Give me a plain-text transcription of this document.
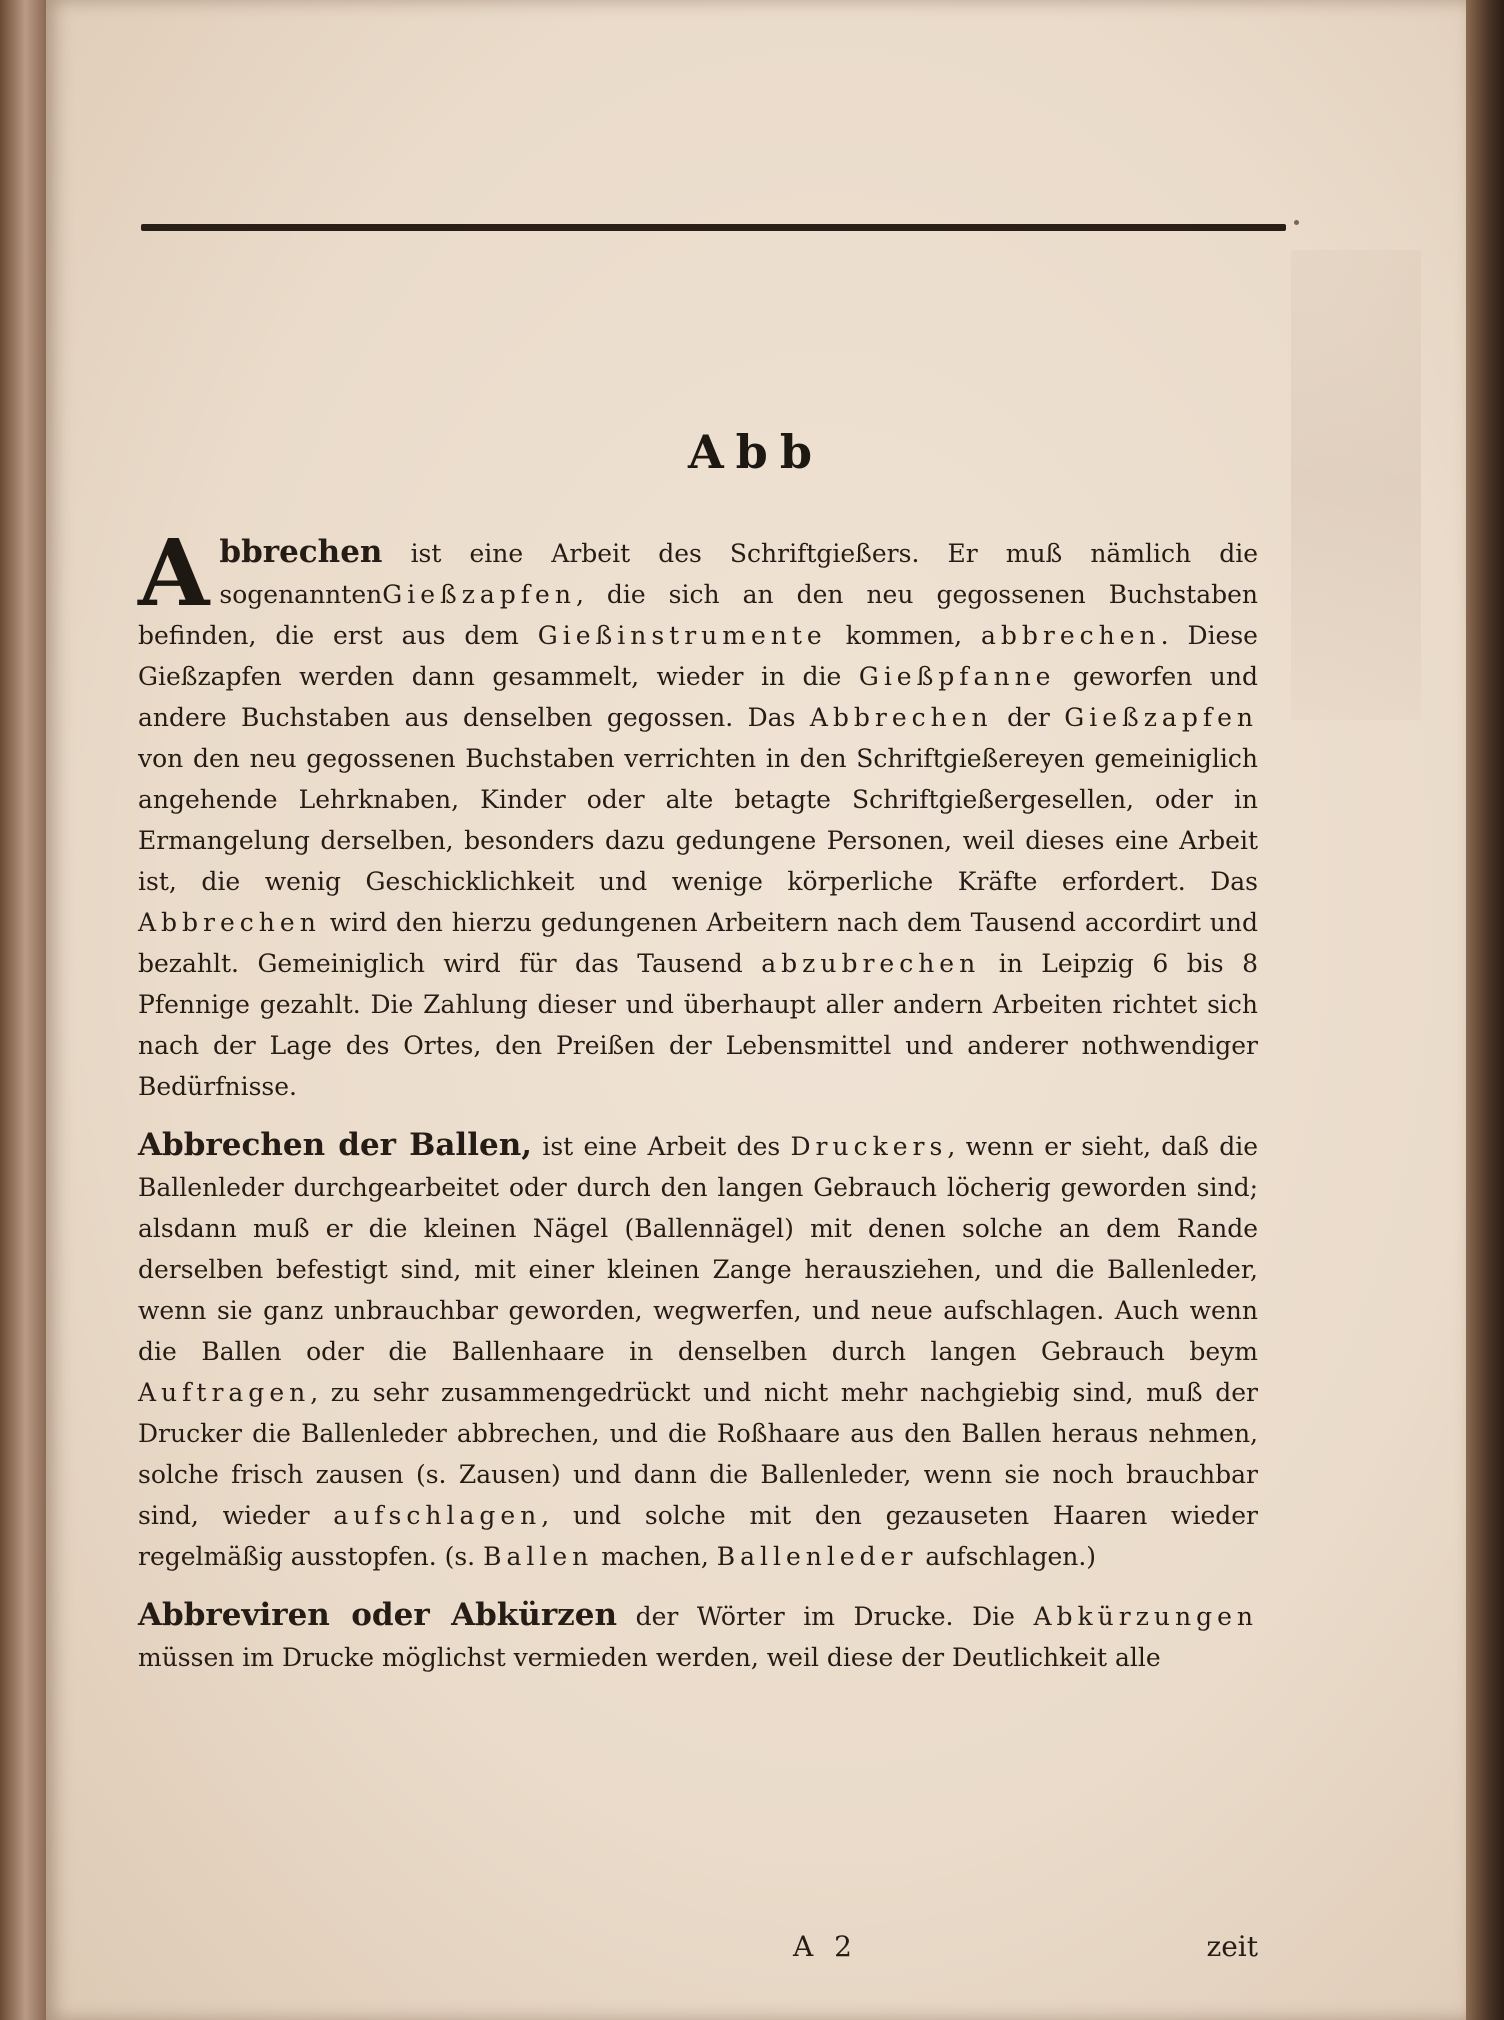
Abb

Abbrechen ist eine Arbeit des Schriftgießers. Er muß nämlich die sogenanntenGießzapfen, die sich an den neu gegossenen Buchstaben befinden, die erst aus dem Gießinstrumente kommen, abbrechen. Diese Gießzapfen werden dann gesammelt, wieder in die Gießpfanne geworfen und andere Buchstaben aus denselben gegossen. Das Abbrechen der Gießzapfen von den neu gegossenen Buchstaben verrichten in den Schriftgießereyen gemeiniglich angehende Lehrknaben, Kinder oder alte betagte Schriftgießergesellen, oder in Ermangelung derselben, besonders dazu gedungene Personen, weil dieses eine Arbeit ist, die wenig Geschicklichkeit und wenige körperliche Kräfte erfordert. Das Abbrechen wird den hierzu gedungenen Arbeitern nach dem Tausend accordirt und bezahlt. Gemeiniglich wird für das Tausend abzubrechen in Leipzig 6 bis 8 Pfennige gezahlt. Die Zahlung dieser und überhaupt aller andern Arbeiten richtet sich nach der Lage des Ortes, den Preißen der Lebensmittel und anderer nothwendiger Bedürfnisse.

Abbrechen der Ballen, ist eine Arbeit des Druckers, wenn er sieht, daß die Ballenleder durchgearbeitet oder durch den langen Gebrauch löcherig geworden sind; alsdann muß er die kleinen Nägel (Ballennägel) mit denen solche an dem Rande derselben befestigt sind, mit einer kleinen Zange herausziehen, und die Ballenleder, wenn sie ganz unbrauchbar geworden, wegwerfen, und neue aufschlagen. Auch wenn die Ballen oder die Ballenhaare in denselben durch langen Gebrauch beym Auftragen, zu sehr zusammengedrückt und nicht mehr nachgiebig sind, muß der Drucker die Ballenleder abbrechen, und die Roßhaare aus den Ballen heraus nehmen, solche frisch zausen (s. Zausen) und dann die Ballenleder, wenn sie noch brauchbar sind, wieder aufschlagen, und solche mit den gezauseten Haaren wieder regelmäßig ausstopfen. (s. Ballen machen, Ballenleder aufschlagen.)

Abbreviren oder Abkürzen der Wörter im Drucke. Die Abkürzungen müssen im Drucke möglichst vermieden werden, weil diese der Deutlichkeit alle

A 2	zeit
